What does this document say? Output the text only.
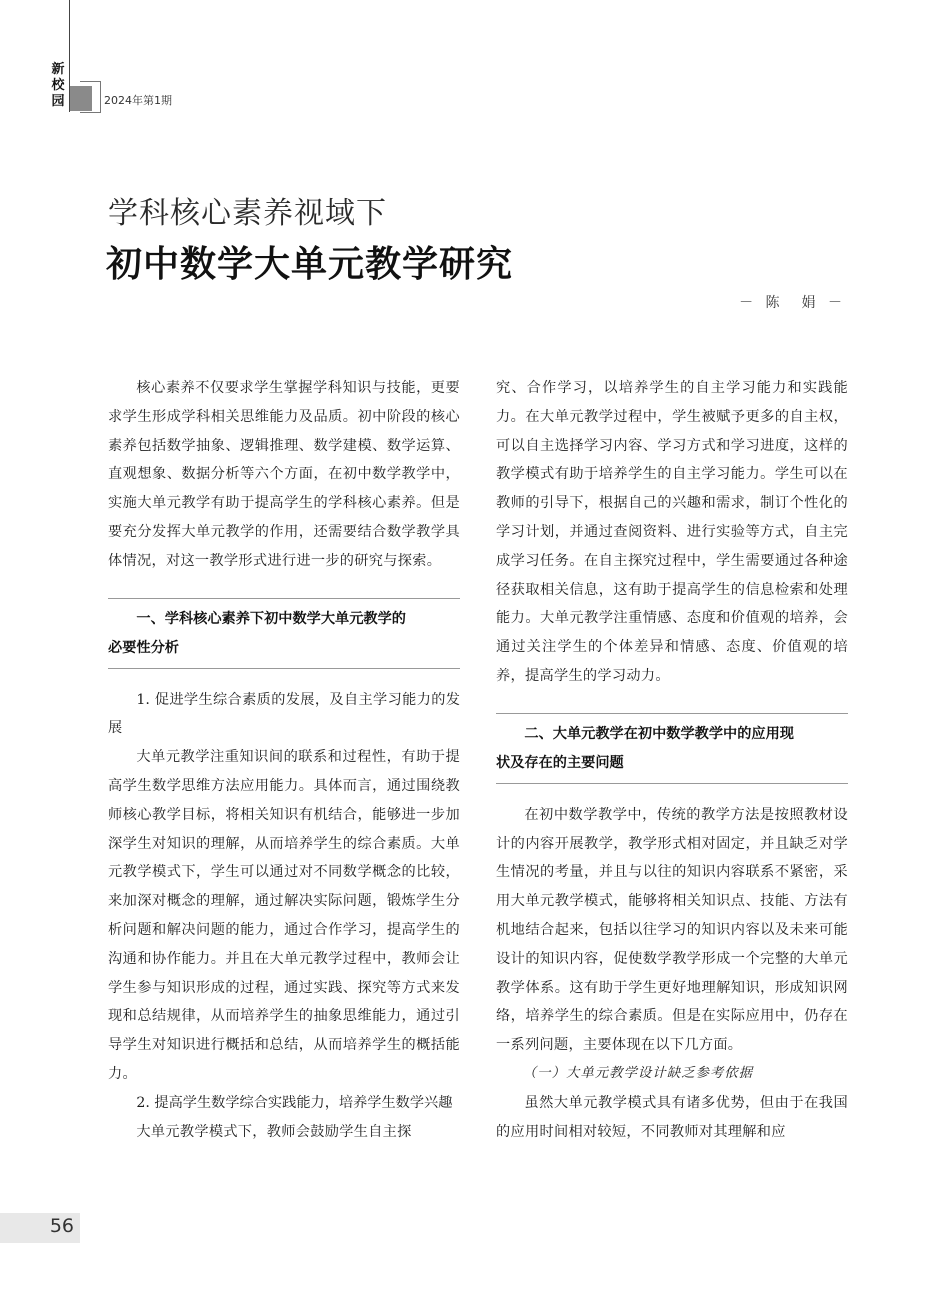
新
校
园	2024年第1期
学科核心素养视域下
初中数学大单元教学研究
－ 陈　娟 －

核心素养不仅要求学生掌握学科知识与技能，更要求学生形成学科相关思维能力及品质。初中阶段的核心素养包括数学抽象、逻辑推理、数学建模、数学运算、直观想象、数据分析等六个方面，在初中数学教学中，实施大单元教学有助于提高学生的学科核心素养。但是要充分发挥大单元教学的作用，还需要结合数学教学具体情况，对这一教学形式进行进一步的研究与探索。

一、学科核心素养下初中数学大单元教学的
必要性分析

1. 促进学生综合素质的发展，及自主学习能力的发展

大单元教学注重知识间的联系和过程性，有助于提高学生数学思维方法应用能力。具体而言，通过围绕教师核心教学目标，将相关知识有机结合，能够进一步加深学生对知识的理解，从而培养学生的综合素质。大单元教学模式下，学生可以通过对不同数学概念的比较，来加深对概念的理解，通过解决实际问题，锻炼学生分析问题和解决问题的能力，通过合作学习，提高学生的沟通和协作能力。并且在大单元教学过程中，教师会让学生参与知识形成的过程，通过实践、探究等方式来发现和总结规律，从而培养学生的抽象思维能力，通过引导学生对知识进行概括和总结，从而培养学生的概括能力。

2. 提高学生数学综合实践能力，培养学生数学兴趣

大单元教学模式下，教师会鼓励学生自主探

究、合作学习，以培养学生的自主学习能力和实践能力。在大单元教学过程中，学生被赋予更多的自主权，可以自主选择学习内容、学习方式和学习进度，这样的教学模式有助于培养学生的自主学习能力。学生可以在教师的引导下，根据自己的兴趣和需求，制订个性化的学习计划，并通过查阅资料、进行实验等方式，自主完成学习任务。在自主探究过程中，学生需要通过各种途径获取相关信息，这有助于提高学生的信息检索和处理能力。大单元教学注重情感、态度和价值观的培养，会通过关注学生的个体差异和情感、态度、价值观的培养，提高学生的学习动力。

二、大单元教学在初中数学教学中的应用现
状及存在的主要问题

在初中数学教学中，传统的教学方法是按照教材设计的内容开展教学，教学形式相对固定，并且缺乏对学生情况的考量，并且与以往的知识内容联系不紧密，采用大单元教学模式，能够将相关知识点、技能、方法有机地结合起来，包括以往学习的知识内容以及未来可能设计的知识内容，促使数学教学形成一个完整的大单元教学体系。这有助于学生更好地理解知识，形成知识网络，培养学生的综合素质。但是在实际应用中，仍存在一系列问题，主要体现在以下几方面。

（一）大单元教学设计缺乏参考依据

虽然大单元教学模式具有诸多优势，但由于在我国的应用时间相对较短，不同教师对其理解和应

56
